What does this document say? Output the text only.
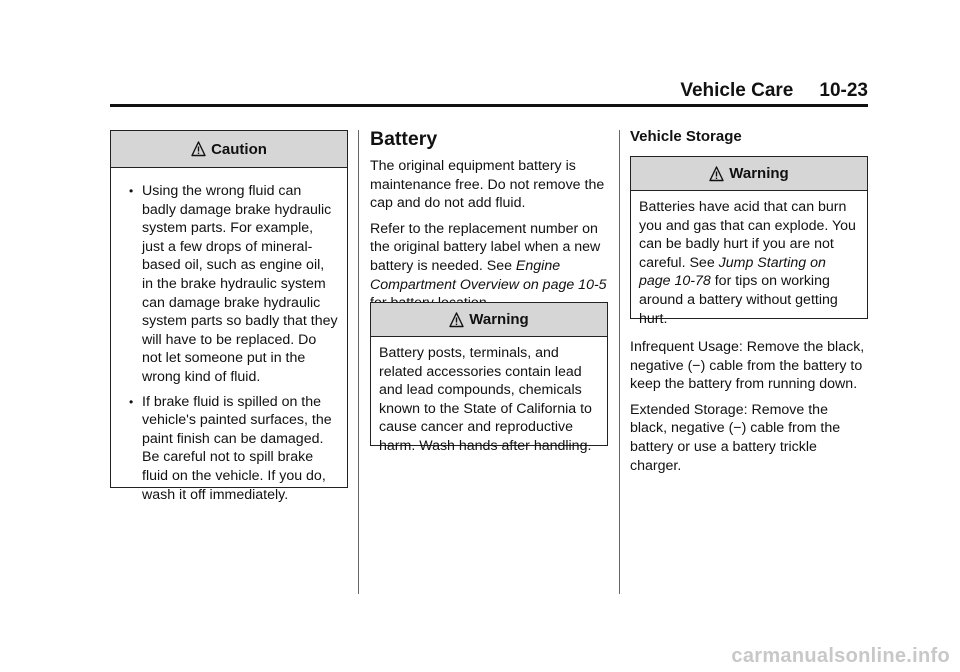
Vehicle Care 10-23
Caution
• Using the wrong fluid can badly damage brake hydraulic system parts. For example, just a few drops of mineral-based oil, such as engine oil, in the brake hydraulic system can damage brake hydraulic system parts so badly that they will have to be replaced. Do not let someone put in the wrong kind of fluid.
• If brake fluid is spilled on the vehicle's painted surfaces, the paint finish can be damaged. Be careful not to spill brake fluid on the vehicle. If you do, wash it off immediately.
Battery

The original equipment battery is maintenance free. Do not remove the cap and do not add fluid.

Refer to the replacement number on the original battery label when a new battery is needed. See Engine Compartment Overview on page 10-5

Warning
Battery posts, terminals, and related accessories contain lead and lead compounds, chemicals known to the State of California to cause cancer and reproductive harm. Wash hands after handling.
Vehicle Storage
Warning
Batteries have acid that can burn you and gas that can explode. You can be badly hurt if you are not careful. See Jump Starting on page 10-78 for tips on working around a battery without getting hurt.

Infrequent Usage: Remove the black, negative (−) cable from the battery to keep the battery from running down.

Extended Storage: Remove the black, negative (−) cable from the battery or use a battery trickle charger.

carmanualsonline.info
